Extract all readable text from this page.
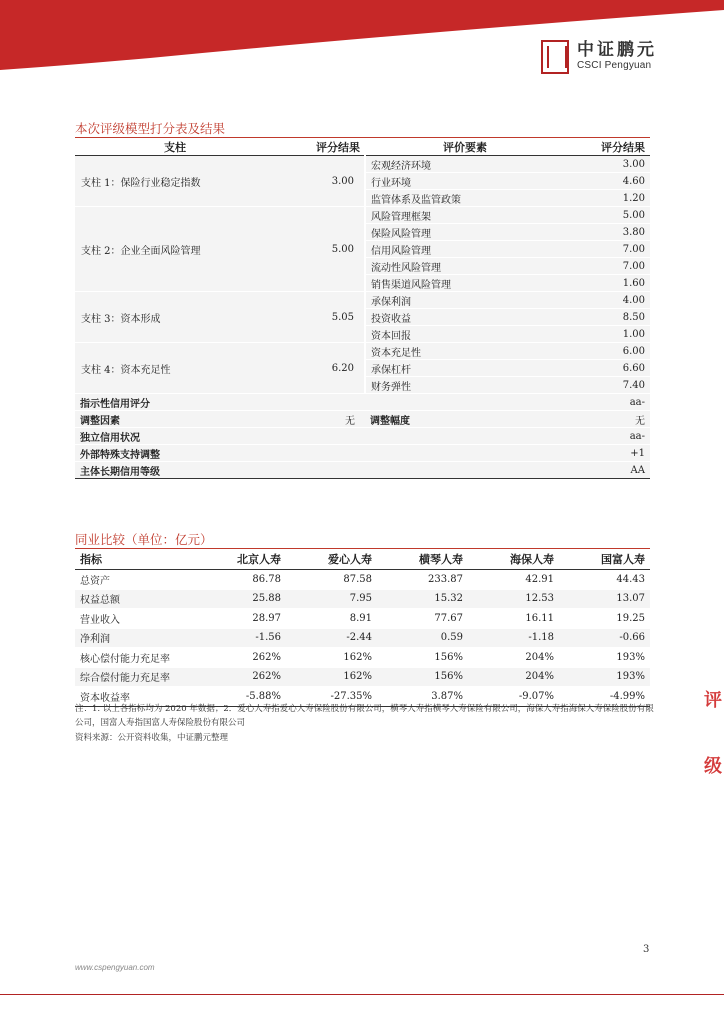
中证鹏元
CSCI Pengyuan
本次评级模型打分表及结果
支柱	评分结果	评价要素	评分结果
支柱 1：保险行业稳定指数	3.00	宏观经济环境	3.00
		行业环境	4.60
		监管体系及监管政策	1.20
支柱 2：企业全面风险管理	5.00	风险管理框架	5.00
		保险风险管理	3.80
		信用风险管理	7.00
		流动性风险管理	7.00
		销售渠道风险管理	1.60
支柱 3：资本形成	5.05	承保利润	4.00
		投资收益	8.50
		资本回报	1.00
支柱 4：资本充足性	6.20	资本充足性	6.00
		承保杠杆	6.60
		财务弹性	7.40
指示性信用评分		aa-	
调整因素	无	调整幅度	无
独立信用状况		aa-	
外部特殊支持调整		+1	
主体长期信用等级		AA	
同业比较（单位：亿元）
指标	北京人寿	爱心人寿	横琴人寿	海保人寿	国富人寿
总资产	86.78	87.58	233.87	42.91	44.43
权益总额	25.88	7.95	15.32	12.53	13.07
营业收入	28.97	8.91	77.67	16.11	19.25
净利润	-1.56	-2.44	0.59	-1.18	-0.66
核心偿付能力充足率	262%	162%	156%	204%	193%
综合偿付能力充足率	262%	162%	156%	204%	193%
资本收益率	-5.88%	-27.35%	3.87%	-9.07%	-4.99%
注：1. 以上各指标均为 2020 年数据；2．爱心人寿指爱心人寿保险股份有限公司，横琴人寿指横琴人寿保险有限公司，海保人寿指海保人寿保险股份有限公司，国富人寿指国富人寿保险股份有限公司
资料来源：公开资料收集，中证鹏元整理
评
级
3
www.cspengyuan.com
